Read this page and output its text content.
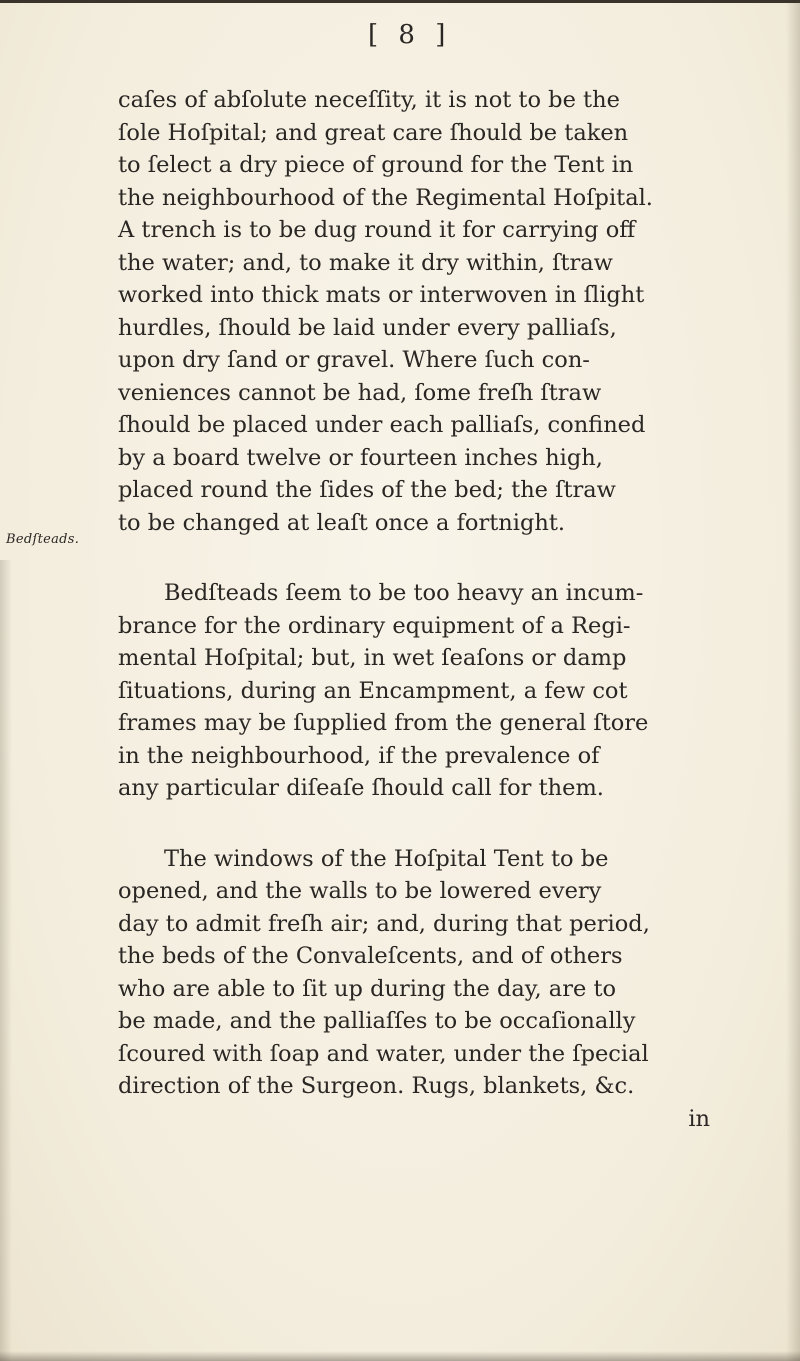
[ 8 ]
Bedſteads.
caſes of abſolute neceſſity, it is not to be the
ſole Hoſpital; and great care ſhould be taken
to ſelect a dry piece of ground for the Tent in
the neighbourhood of the Regimental Hoſpital.
A trench is to be dug round it for carrying off
the water; and, to make it dry within, ſtraw
worked into thick mats or interwoven in ſlight
hurdles, ſhould be laid under every palliaſs,
upon dry ſand or gravel. Where ſuch con-
veniences cannot be had, ſome freſh ſtraw
ſhould be placed under each palliaſs, confined
by a board twelve or fourteen inches high,
placed round the ſides of the bed; the ſtraw
to be changed at leaſt once a fortnight.
Bedſteads ſeem to be too heavy an incum-
brance for the ordinary equipment of a Regi-
mental Hoſpital; but, in wet ſeaſons or damp
ſituations, during an Encampment, a few cot
frames may be ſupplied from the general ſtore
in the neighbourhood, if the prevalence of
any particular diſeaſe ſhould call for them.
The windows of the Hoſpital Tent to be
opened, and the walls to be lowered every
day to admit freſh air; and, during that period,
the beds of the Convaleſcents, and of others
who are able to ſit up during the day, are to
be made, and the palliaſſes to be occaſionally
ſcoured with ſoap and water, under the ſpecial
direction of the Surgeon. Rugs, blankets, &c.
in
